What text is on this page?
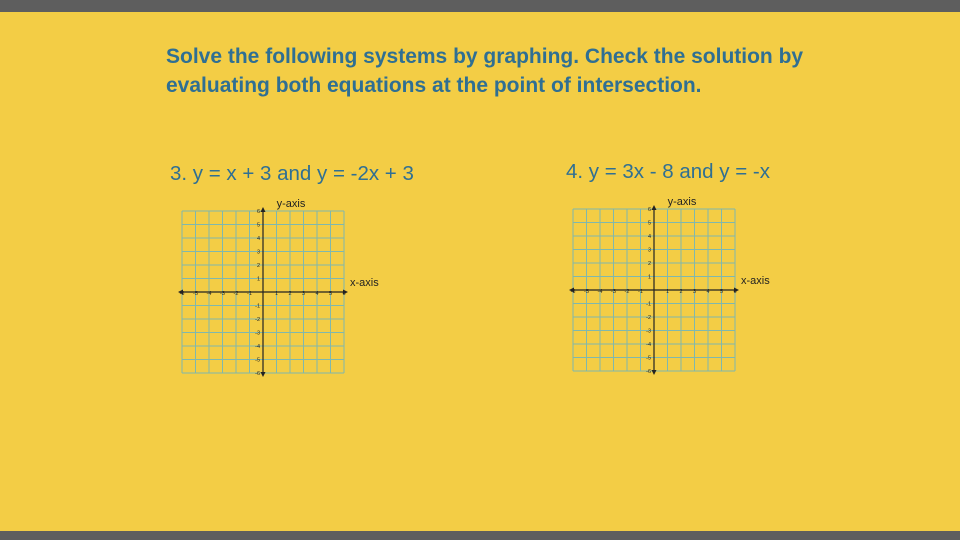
Solve the following systems by graphing. Check the solution by evaluating both equations at the point of intersection.

3. y = x + 3 and y = -2x + 3	4. y = 3x - 8 and y = -x
y-axis
x-axis
-6 -5 -4 -3 -2 -1	1 2 3 4 5 6
6
5
4
3
2
1
-1
-2
-3
-4
-5
-6
y-axis
x-axis
-6 -5 -4 -3 -2 -1	1 2 3 4 5 6
6
5
4
3
2
1
-1
-2
-3
-4
-5
-6
